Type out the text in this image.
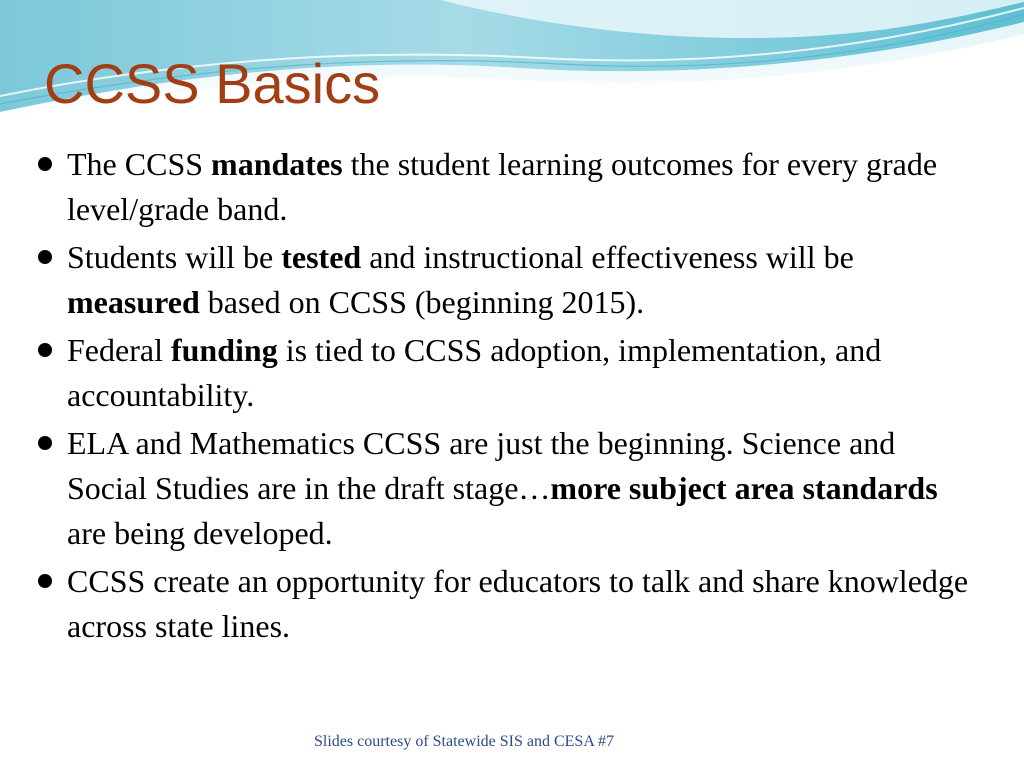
CCSS Basics
The CCSS mandates the student learning outcomes for every grade level/grade band.
Students will be tested and instructional effectiveness will be measured based on CCSS (beginning 2015).
Federal funding is tied to CCSS adoption, implementation, and accountability.
ELA and Mathematics CCSS are just the beginning. Science and Social Studies are in the draft stage…more subject area standards are being developed.
CCSS create an opportunity for educators to talk and share knowledge across state lines.
Slides courtesy of Statewide SIS and CESA #7
